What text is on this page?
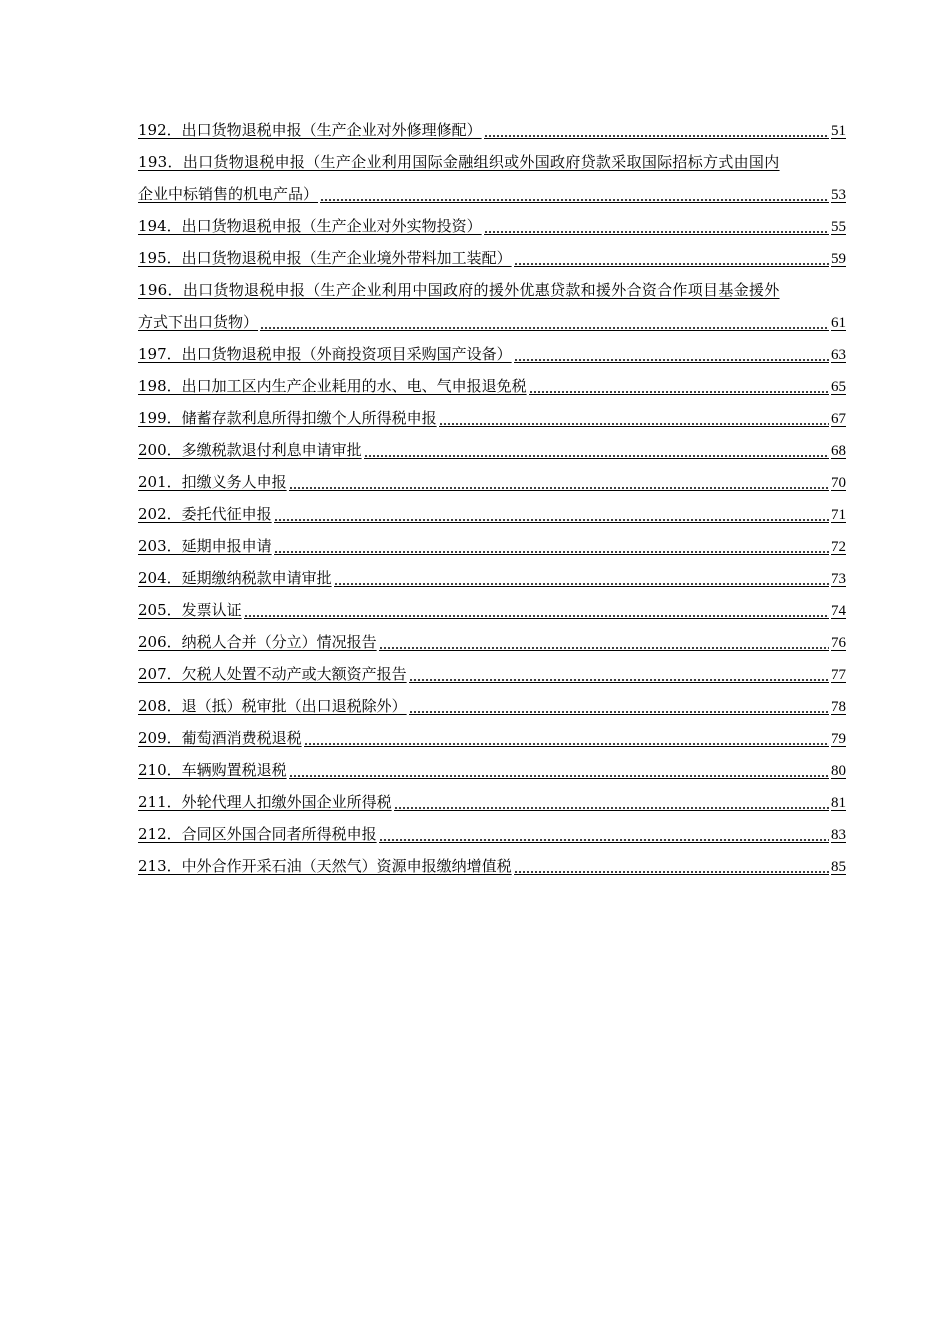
192．出口货物退税申报（生产企业对外修理修配）	51
193．出口货物退税申报（生产企业利用国际金融组织或外国政府贷款采取国际招标方式由国内
企业中标销售的机电产品）	53
194．出口货物退税申报（生产企业对外实物投资）	55
195．出口货物退税申报（生产企业境外带料加工装配）	59
196．出口货物退税申报（生产企业利用中国政府的援外优惠贷款和援外合资合作项目基金援外
方式下出口货物）	61
197．出口货物退税申报（外商投资项目采购国产设备）	63
198．出口加工区内生产企业耗用的水、电、气申报退免税	65
199．储蓄存款利息所得扣缴个人所得税申报	67
200．多缴税款退付利息申请审批	68
201．扣缴义务人申报	70
202．委托代征申报	71
203．延期申报申请	72
204．延期缴纳税款申请审批	73
205．发票认证	74
206．纳税人合并（分立）情况报告	76
207．欠税人处置不动产或大额资产报告	77
208．退（抵）税审批（出口退税除外）	78
209．葡萄酒消费税退税	79
210．车辆购置税退税	80
211．外轮代理人扣缴外国企业所得税	81
212．合同区外国合同者所得税申报	83
213．中外合作开采石油（天然气）资源申报缴纳增值税	85
